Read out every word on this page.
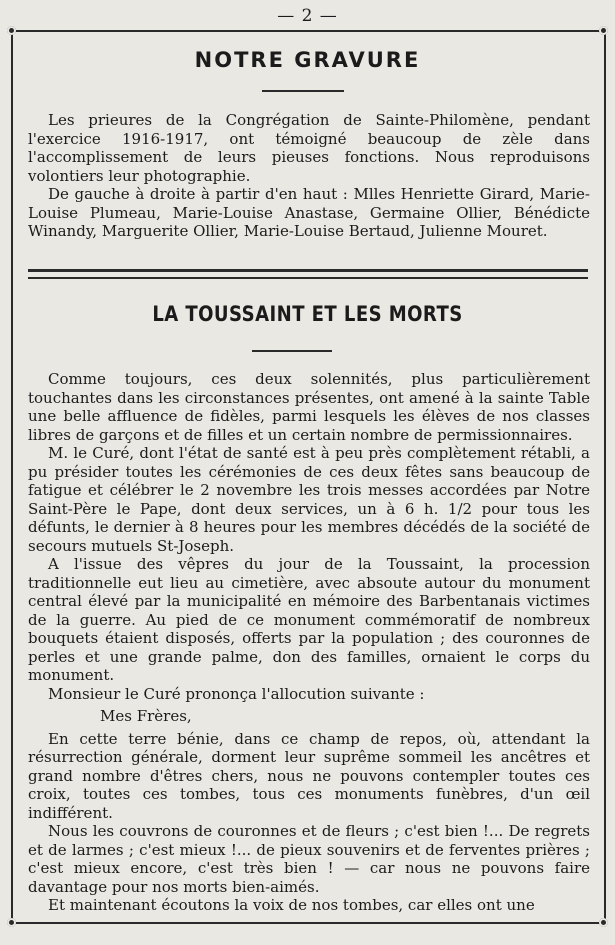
— 2 —
NOTRE GRAVURE

Les prieures de la Congrégation de Sainte-Philomène, pendant l'exercice 1916-1917, ont témoigné beaucoup de zèle dans l'accomplissement de leurs pieuses fonctions. Nous reproduisons volontiers leur photographie.

De gauche à droite à partir d'en haut : Mlles Henriette Girard, Marie-Louise Plumeau, Marie-Louise Anastase, Germaine Ollier, Bénédicte Winandy, Marguerite Ollier, Marie-Louise Bertaud, Julienne Mouret.

LA TOUSSAINT ET LES MORTS

Comme toujours, ces deux solennités, plus particulièrement touchantes dans les circonstances présentes, ont amené à la sainte Table une belle affluence de fidèles, parmi lesquels les élèves de nos classes libres de garçons et de filles et un certain nombre de permissionnaires.

M. le Curé, dont l'état de santé est à peu près complètement rétabli, a pu présider toutes les cérémonies de ces deux fêtes sans beaucoup de fatigue et célébrer le 2 novembre les trois messes accordées par Notre Saint-Père le Pape, dont deux services, un à 6 h. 1/2 pour tous les défunts, le dernier à 8 heures pour les membres décédés de la société de secours mutuels St-Joseph.

A l'issue des vêpres du jour de la Toussaint, la procession traditionnelle eut lieu au cimetière, avec absoute autour du monument central élevé par la municipalité en mémoire des Barbentanais victimes de la guerre. Au pied de ce monument commémoratif de nombreux bouquets étaient disposés, offerts par la population ; des couronnes de perles et une grande palme, don des familles, ornaient le corps du monument.

Monsieur le Curé prononça l'allocution suivante :

Mes Frères,

En cette terre bénie, dans ce champ de repos, où, attendant la résurrection générale, dorment leur suprême sommeil les ancêtres et grand nombre d'êtres chers, nous ne pouvons contempler toutes ces croix, toutes ces tombes, tous ces monuments funèbres, d'un œil indifférent.

Nous les couvrons de couronnes et de fleurs ; c'est bien !... De regrets et de larmes ; c'est mieux !... de pieux souvenirs et de ferventes prières ; c'est mieux encore, c'est très bien ! — car nous ne pouvons faire davantage pour nos morts bien-aimés.

Et maintenant écoutons la voix de nos tombes, car elles ont une
